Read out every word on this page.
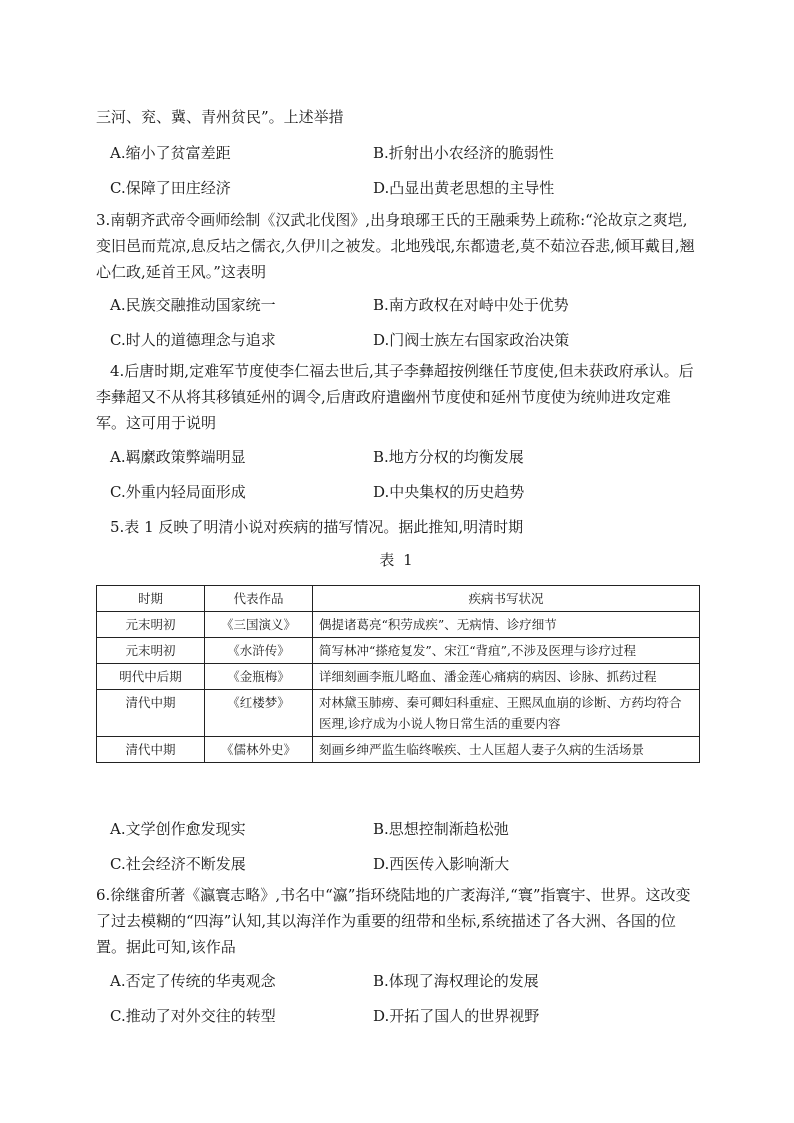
三河、兖、冀、青州贫民”。上述举措
A.缩小了贫富差距	B.折射出小农经济的脆弱性
C.保障了田庄经济	D.凸显出黄老思想的主导性
3.南朝齐武帝令画师绘制《汉武北伐图》,出身琅琊王氏的王融乘势上疏称:“沦故京之爽垲,变旧邑而荒凉,息反坫之儒衣,久伊川之被发。北地残氓,东都遗老,莫不茹泣吞悲,倾耳戴目,翘心仁政,延首王风。”这表明
A.民族交融推动国家统一	B.南方政权在对峙中处于优势
C.时人的道德理念与追求	D.门阀士族左右国家政治决策
4.后唐时期,定难军节度使李仁福去世后,其子李彝超按例继任节度使,但未获政府承认。后李彝超又不从将其移镇延州的调令,后唐政府遣幽州节度使和延州节度使为统帅进攻定难军。这可用于说明
A.羁縻政策弊端明显	B.地方分权的均衡发展
C.外重内轻局面形成	D.中央集权的历史趋势
5.表 1 反映了明清小说对疾病的描写情况。据此推知,明清时期
表 1
时期	代表作品	疾病书写状况
元末明初	《三国演义》	偶提诸葛亮“积劳成疾”、无病情、诊疗细节
元末明初	《水浒传》	简写林冲“搽疮复发”、宋江“背疽”,不涉及医理与诊疗过程
明代中后期	《金瓶梅》	详细刻画李瓶儿略血、潘金莲心痛病的病因、诊脉、抓药过程
清代中期	《红楼梦》	对林黛玉肺痨、秦可卿妇科重症、王熙凤血崩的诊断、方药均符合医理,诊疗成为小说人物日常生活的重要内容
清代中期	《儒林外史》	刻画乡绅严监生临终喉疾、士人匡超人妻子久病的生活场景
A.文学创作愈发现实	B.思想控制渐趋松弛
C.社会经济不断发展	D.西医传入影响渐大
6.徐继畬所著《瀛寰志略》,书名中“瀛”指环绕陆地的广袤海洋,“寰”指寰宇、世界。这改变了过去模糊的“四海”认知,其以海洋作为重要的纽带和坐标,系统描述了各大洲、各国的位置。据此可知,该作品
A.否定了传统的华夷观念	B.体现了海权理论的发展
C.推动了对外交往的转型	D.开拓了国人的世界视野
